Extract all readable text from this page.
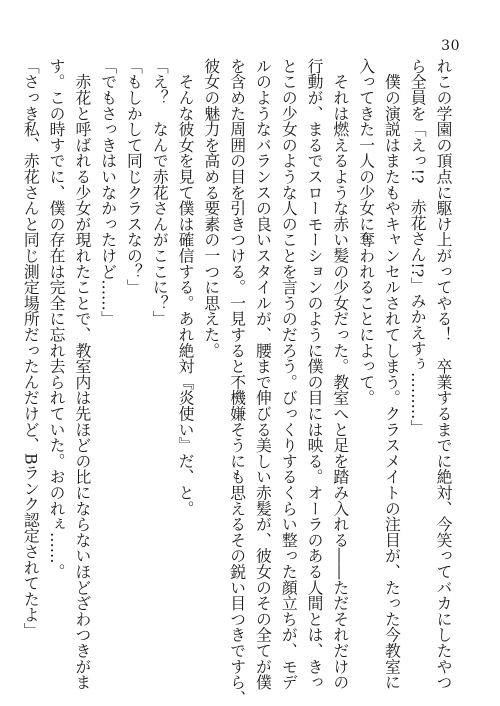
30
れこの学園の頂点に駆け上がってやる！　卒業するまでに絶対、今笑ってバカにしたやつ
ら全員を「えっ!?　赤花さん!?」みかえすぅ………」
　僕の演説はまたもやキャンセルされてしまう。クラスメイトの注目が、たった今教室に
入ってきた一人の少女に奪われることによって。
　それは燃えるような赤い髪の少女だった。教室へと足を踏み入れる――ただそれだけの
行動が、まるでスローモーションのように僕の目には映る。オーラのある人間とは、きっ
とこの少女のような人のことを言うのだろう。びっくりするくらい整った顔立ちが、モデ
ルのようなバランスの良いスタイルが、腰まで伸びる美しい赤髪が、彼女のその全てが僕
を含めた周囲の目を引きつける。一見すると不機嫌そうにも思えるその鋭い目つきですら、
彼女の魅力を高める要素の一つに思えた。
　そんな彼女を見て僕は確信する。あれ絶対『炎使い』だ、と。
「え？　なんで赤花さんがここに？」
「もしかして同じクラスなの？」
「でもさっきはいなかったけど……」
　赤花と呼ばれる少女が現れたことで、教室内は先ほどの比にならないほどざわつきがま
す。この時すでに、僕の存在は完全に忘れ去られていた。おのれぇ……。
「さっき私、赤花さんと同じ測定場所だったんだけど、Bランク認定されてたよ」
